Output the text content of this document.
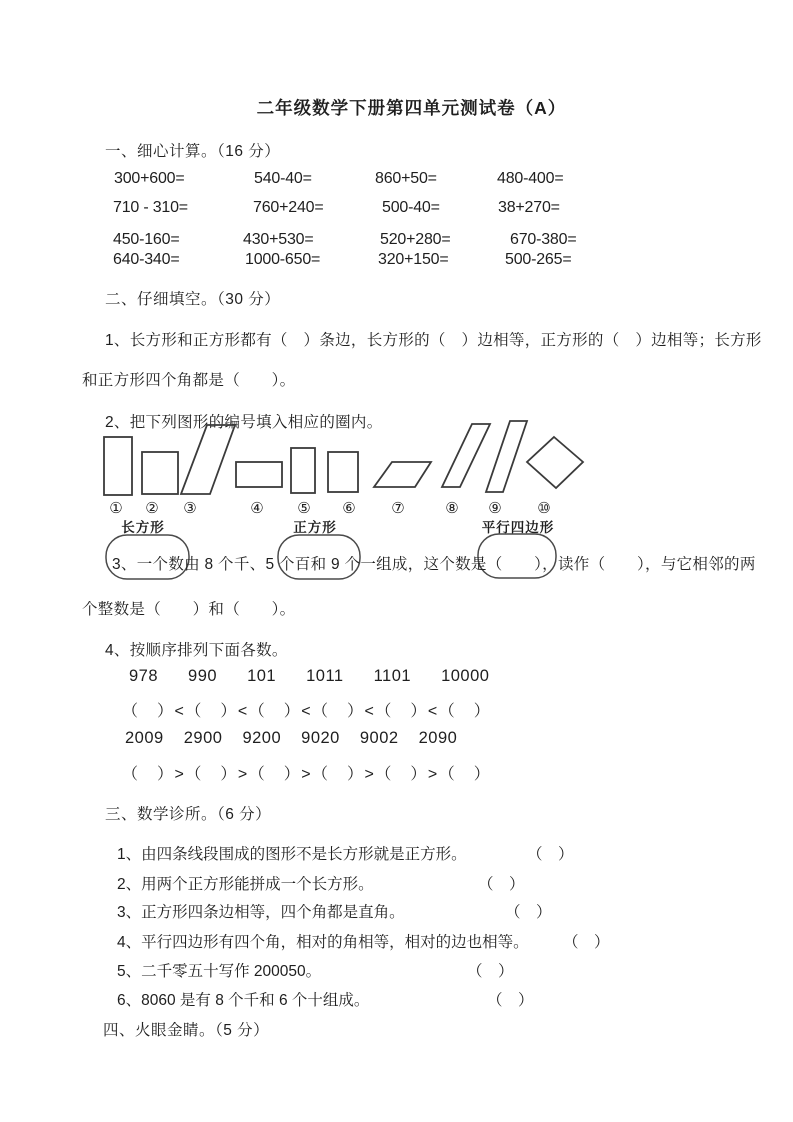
二年级数学下册第四单元测试卷（A）
一、细心计算。（16 分）
300+600=	540-40=	860+50=	480-400=
710 - 310=	760+240=	500-40=	38+270=
450-160=	430+530=	520+280=	670-380=
640-340=	1000-650=	320+150=	500-265=
二、仔细填空。（30 分）
1、长方形和正方形都有（　）条边，长方形的（　）边相等，正方形的（　）边相等；长方形
和正方形四个角都是（　　）。
2、把下列图形的编号填入相应的圈内。
① ② ③	④ ⑤ ⑥ ⑦	⑧ ⑨ ⑩
长方形	正方形	平行四边形
3、一个数由 8 个千、5 个百和 9 个一组成，这个数是（　　），读作（　　），与它相邻的两
个整数是（　　）和（　　）。
4、按顺序排列下面各数。
978 990 101 1011 1101 10000
（　）<（　）<（　）<（　）<（　）<（　）
2009 2900 9200 9020 9002 2090
（　）>（　）>（　）>（　）>（　）>（　）
三、数学诊所。（6 分）
1、由四条线段围成的图形不是长方形就是正方形。	（　）
2、用两个正方形能拼成一个长方形。	（　）
3、正方形四条边相等，四个角都是直角。	（　）
4、平行四边形有四个角，相对的角相等，相对的边也相等。 （　）
5、二千零五十写作 200050。	（　）
6、8060 是有 8 个千和 6 个十组成。	（　）
四、火眼金睛。（5 分）
